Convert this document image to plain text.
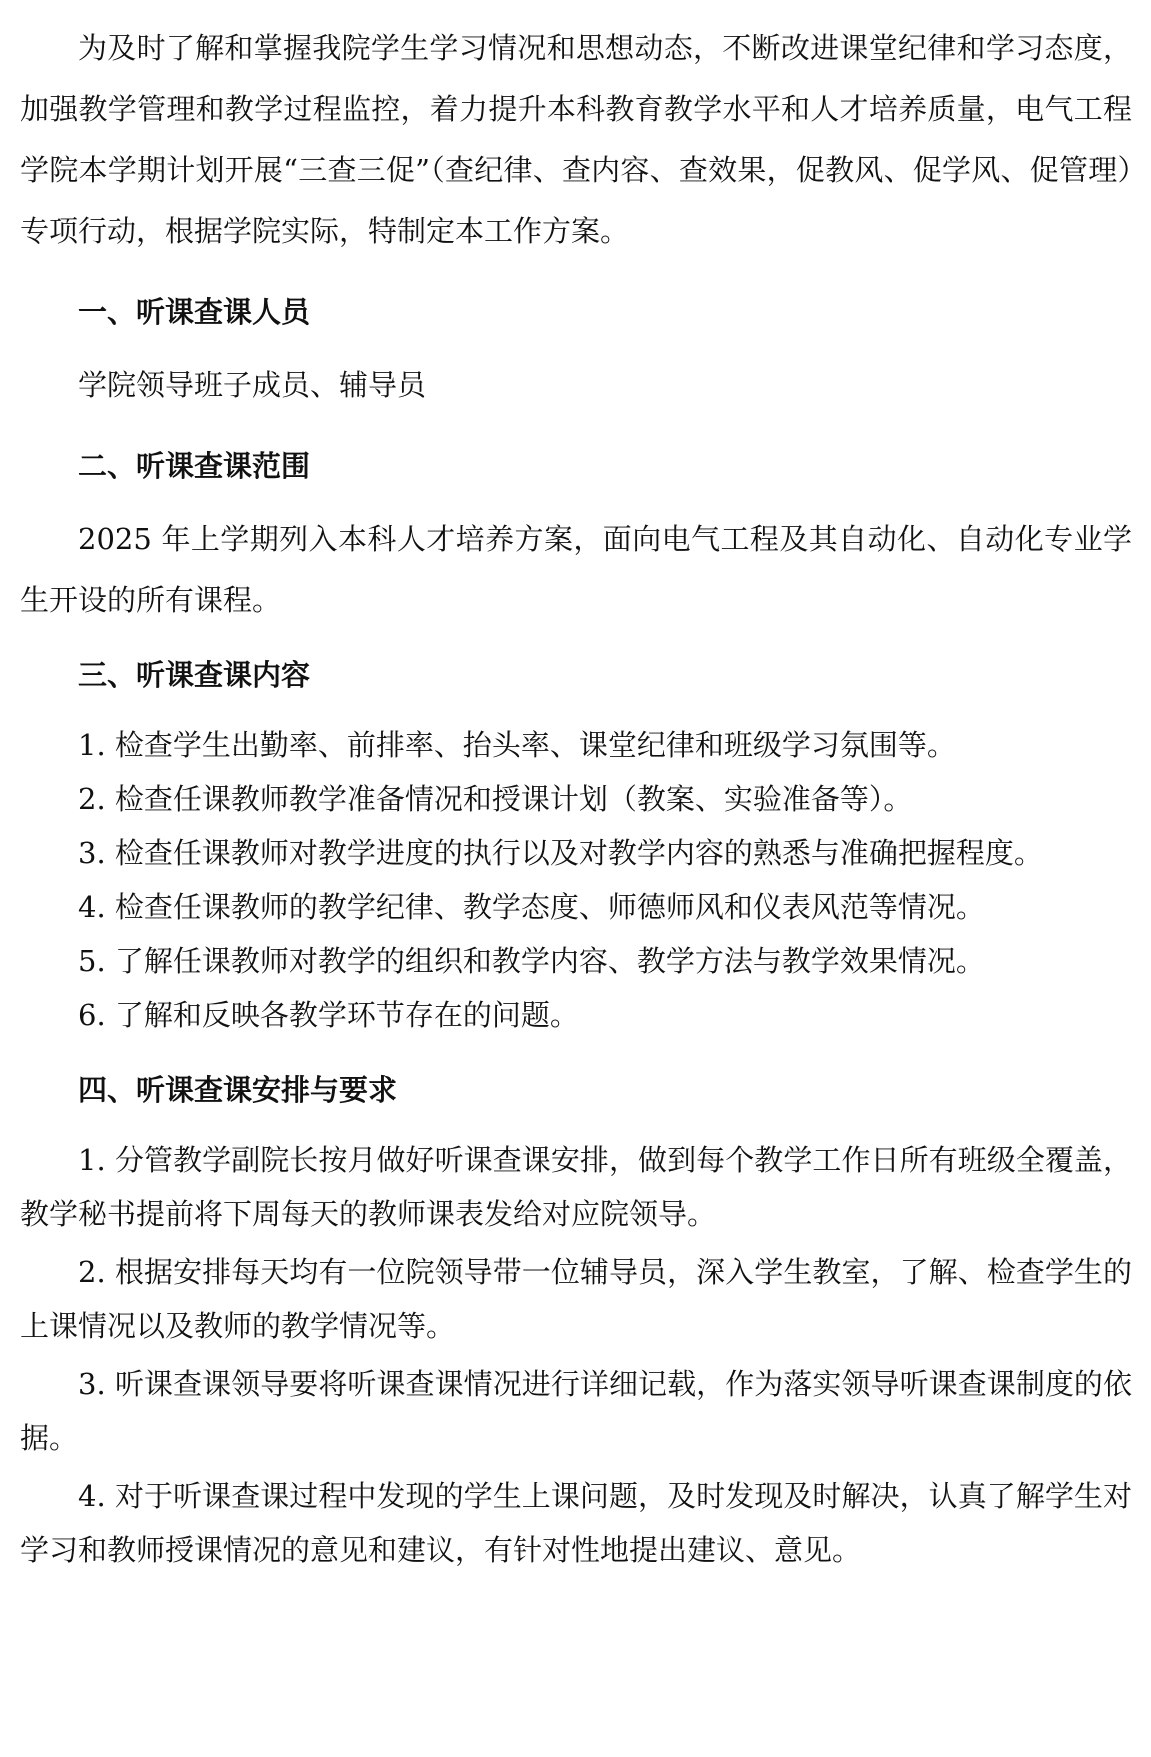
为及时了解和掌握我院学生学习情况和思想动态，不断改进课堂纪律和学习态度，加强教学管理和教学过程监控，着力提升本科教育教学水平和人才培养质量，电气工程学院本学期计划开展“三查三促”（查纪律、查内容、查效果，促教风、促学风、促管理）专项行动，根据学院实际，特制定本工作方案。

一、听课查课人员

学院领导班子成员、辅导员

二、听课查课范围

2025 年上学期列入本科人才培养方案，面向电气工程及其自动化、自动化专业学生开设的所有课程。

三、听课查课内容

1. 检查学生出勤率、前排率、抬头率、课堂纪律和班级学习氛围等。

2. 检查任课教师教学准备情况和授课计划（教案、实验准备等）。

3. 检查任课教师对教学进度的执行以及对教学内容的熟悉与准确把握程度。

4. 检查任课教师的教学纪律、教学态度、师德师风和仪表风范等情况。

5. 了解任课教师对教学的组织和教学内容、教学方法与教学效果情况。

6. 了解和反映各教学环节存在的问题。

四、听课查课安排与要求

1. 分管教学副院长按月做好听课查课安排，做到每个教学工作日所有班级全覆盖，教学秘书提前将下周每天的教师课表发给对应院领导。

2. 根据安排每天均有一位院领导带一位辅导员，深入学生教室，了解、检查学生的上课情况以及教师的教学情况等。

3. 听课查课领导要将听课查课情况进行详细记载，作为落实领导听课查课制度的依据。

4. 对于听课查课过程中发现的学生上课问题，及时发现及时解决，认真了解学生对学习和教师授课情况的意见和建议，有针对性地提出建议、意见。
